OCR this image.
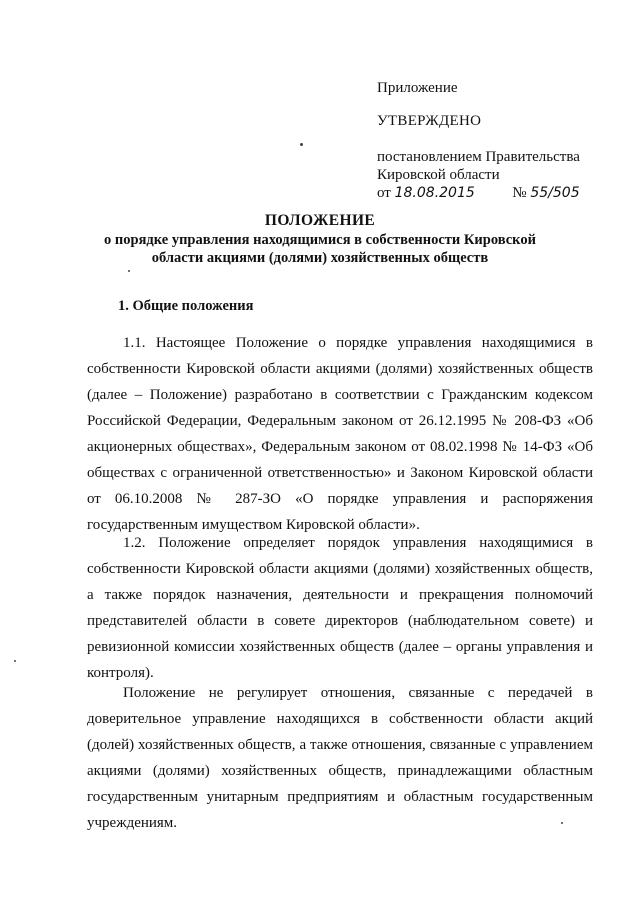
Приложение
УТВЕРЖДЕНО
постановлением Правительства
Кировской области
от 18.08.2015	№ 55/505
ПОЛОЖЕНИЕ
о порядке управления находящимися в собственности Кировской
области акциями (долями) хозяйственных обществ
1. Общие положения
1.1. Настоящее Положение о порядке управления находящимися в собственности Кировской области акциями (долями) хозяйственных обществ (далее – Положение) разработано в соответствии с Гражданским кодексом Российской Федерации, Федеральным законом от 26.12.1995 № 208-ФЗ «Об акционерных обществах», Федеральным законом от 08.02.1998 № 14-ФЗ «Об обществах с ограниченной ответственностью» и Законом Кировской области от 06.10.2008 № 287-ЗО «О порядке управления и распоряжения государственным имуществом Кировской области».
1.2. Положение определяет порядок управления находящимися в собственности Кировской области акциями (долями) хозяйственных обществ, а также порядок назначения, деятельности и прекращения полномочий представителей области в совете директоров (наблюдательном совете) и ревизионной комиссии хозяйственных обществ (далее – органы управления и контроля).
Положение не регулирует отношения, связанные с передачей в доверительное управление находящихся в собственности области акций (долей) хозяйственных обществ, а также отношения, связанные с управлением акциями (долями) хозяйственных обществ, принадлежащими областным государственным унитарным предприятиям и областным государственным учреждениям.
